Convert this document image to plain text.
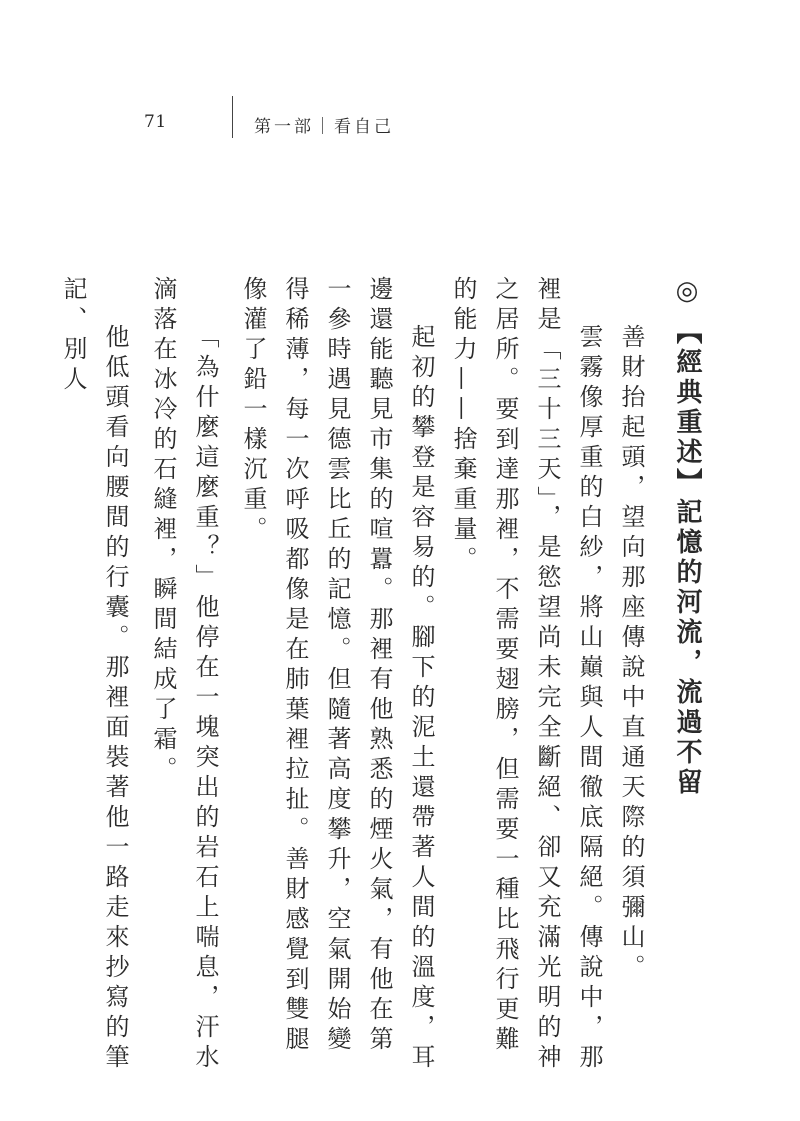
71	第一部｜看自己
◎【經典重述】記憶的河流，流過不留
善財抬起頭，望向那座傳說中直通天際的須彌山。
雲霧像厚重的白紗，將山巔與人間徹底隔絕。傳說中，那裡是「三十三天」，是慾望尚未完全斷絕、卻又充滿光明的神之居所。要到達那裡，不需要翅膀，但需要一種比飛行更難的能力——捨棄重量。
起初的攀登是容易的。腳下的泥土還帶著人間的溫度，耳邊還能聽見市集的喧囂。那裡有他熟悉的煙火氣，有他在第一參時遇見德雲比丘的記憶。但隨著高度攀升，空氣開始變得稀薄，每一次呼吸都像是在肺葉裡拉扯。善財感覺到雙腿像灌了鉛一樣沉重。
「為什麼這麼重？」他停在一塊突出的岩石上喘息，汗水滴落在冰冷的石縫裡，瞬間結成了霜。
他低頭看向腰間的行囊。那裡面裝著他一路走來抄寫的筆記、別人
